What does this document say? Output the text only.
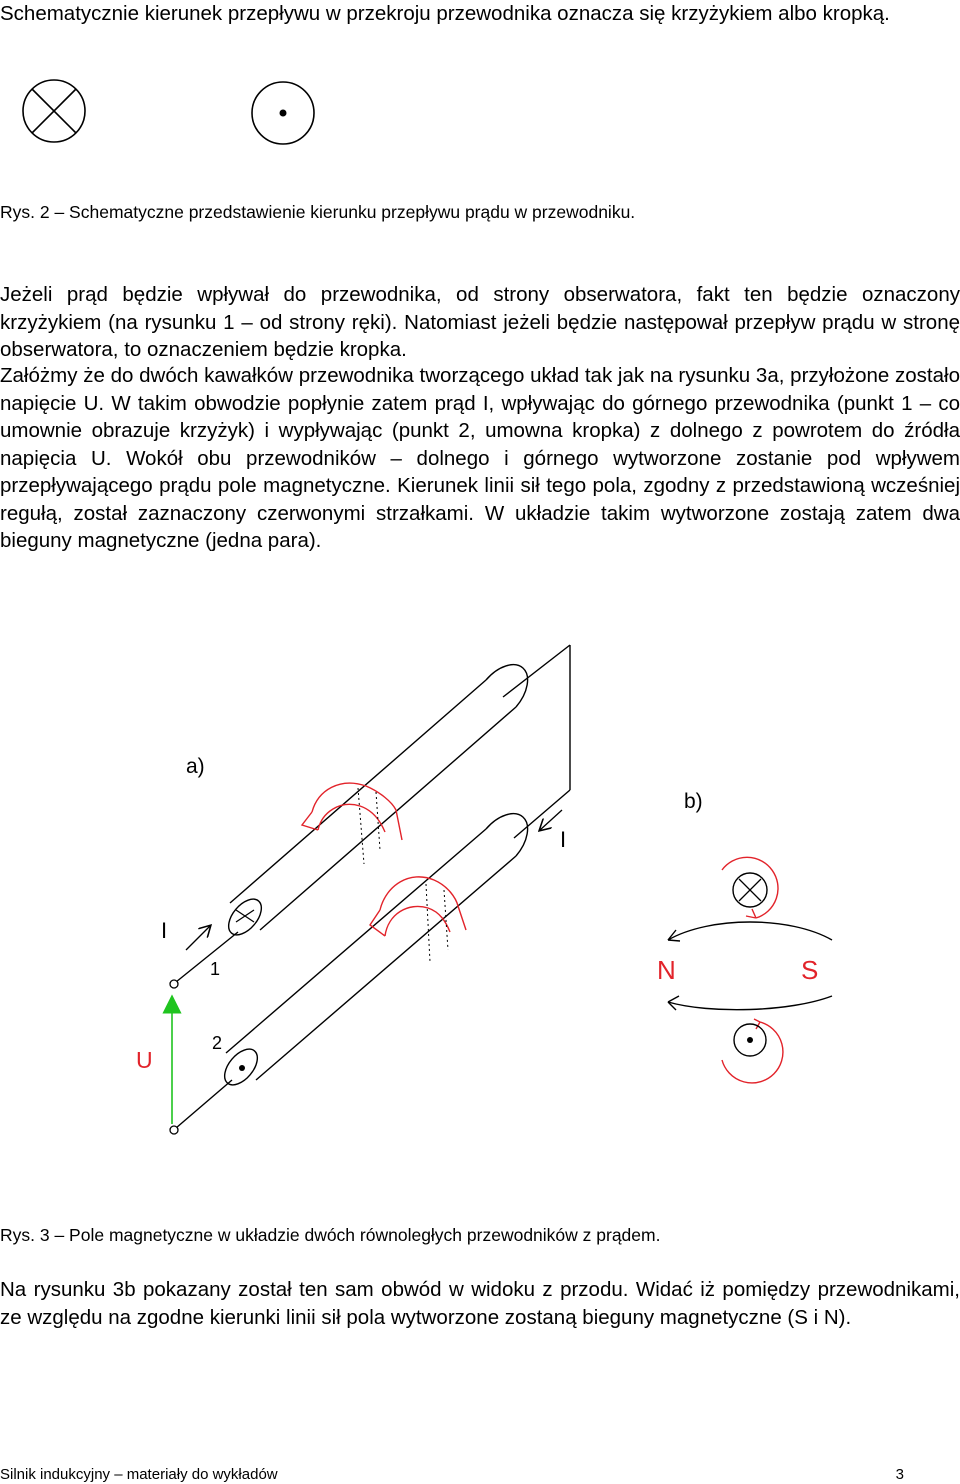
Schematycznie kierunek przepływu w przekroju przewodnika oznacza się krzyżykiem albo kropką.

Rys. 2 – Schematyczne przedstawienie kierunku przepływu prądu w przewodniku.

Jeżeli prąd będzie wpływał do przewodnika, od strony obserwatora, fakt ten będzie oznaczony krzyżykiem (na rysunku 1 – od strony ręki). Natomiast jeżeli będzie następował przepływ prądu w stronę obserwatora, to oznaczeniem będzie kropka.

Załóżmy że do dwóch kawałków przewodnika tworzącego układ tak jak na rysunku 3a, przyłożone zostało napięcie U. W takim obwodzie popłynie zatem prąd I, wpływając do górnego przewodnika (punkt 1 – co umownie obrazuje krzyżyk) i wypływając (punkt 2, umowna kropka) z dolnego z powrotem do źródła napięcia U. Wokół obu przewodników – dolnego i górnego wytworzone zostanie pod wpływem przepływającego prądu pole magnetyczne. Kierunek linii sił tego pola, zgodny z przedstawioną wcześniej regułą, został zaznaczony czerwonymi strzałkami. W układzie takim wytworzone zostają zatem dwa bieguny magnetyczne (jedna para).

a)
U
I
I
1
2
b)
N	S

Rys. 3 – Pole magnetyczne w układzie dwóch równoległych przewodników z prądem.

Na rysunku 3b pokazany został ten sam obwód w widoku z przodu. Widać iż pomiędzy przewodnikami, ze względu na zgodne kierunki linii sił pola wytworzone zostaną bieguny magnetyczne (S i N).

Silnik indukcyjny – materiały do wykładów	3
